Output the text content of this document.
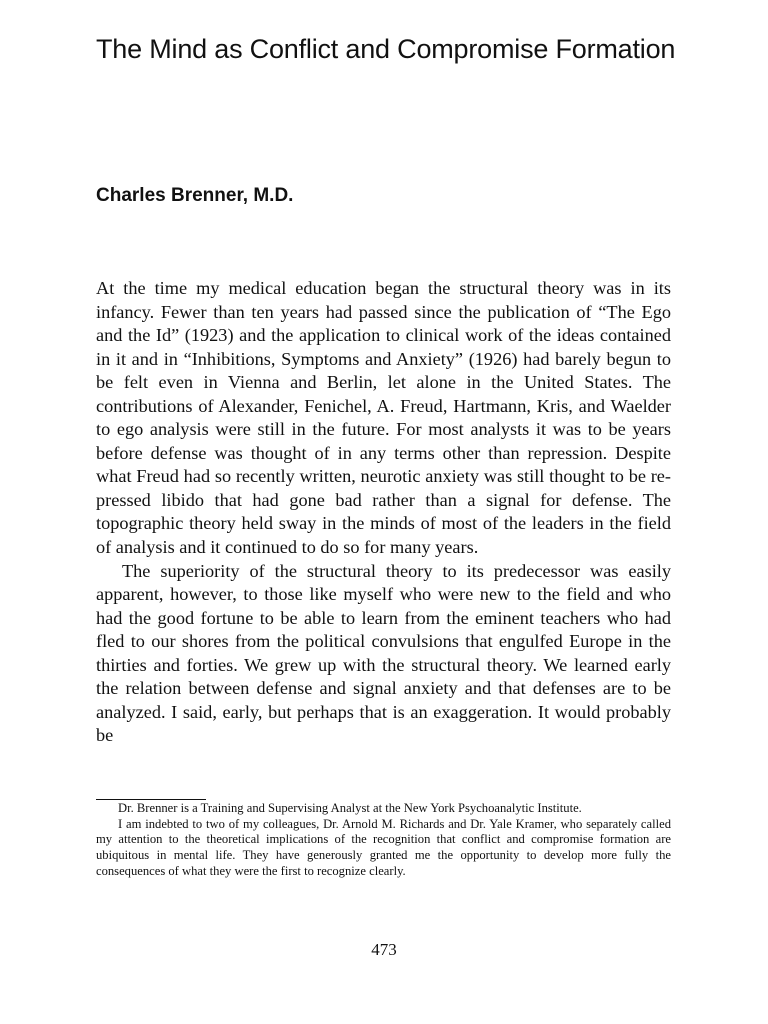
The Mind as Conflict and Compromise Formation
Charles Brenner, M.D.

At the time my medical education began the structural theory was in its infancy. Fewer than ten years had passed since the publication of “The Ego and the Id” (1923) and the application to clinical work of the ideas contained in it and in “Inhibitions, Symptoms and Anxiety” (1926) had barely begun to be felt even in Vienna and Berlin, let alone in the United States. The contributions of Alexander, Fenichel, A. Freud, Hartmann, Kris, and Waelder to ego analysis were still in the future. For most analysts it was to be years before defense was thought of in any terms other than repression. Despite what Freud had so recently written, neurotic anxiety was still thought to be repressed libido that had gone bad rather than a signal for defense. The topographic theory held sway in the minds of most of the leaders in the field of analysis and it continued to do so for many years.

The superiority of the structural theory to its predecessor was easily apparent, however, to those like myself who were new to the field and who had the good fortune to be able to learn from the eminent teachers who had fled to our shores from the political convulsions that engulfed Europe in the thirties and forties. We grew up with the structural theory. We learned early the relation between defense and signal anxiety and that defenses are to be analyzed. I said, early, but perhaps that is an exaggeration. It would probably be

Dr. Brenner is a Training and Supervising Analyst at the New York Psychoanalytic Institute.

I am indebted to two of my colleagues, Dr. Arnold M. Richards and Dr. Yale Kramer, who separately called my attention to the theoretical implications of the recognition that conflict and compromise formation are ubiquitous in mental life. They have generously granted me the opportunity to develop more fully the consequences of what they were the first to recognize clearly.

473
